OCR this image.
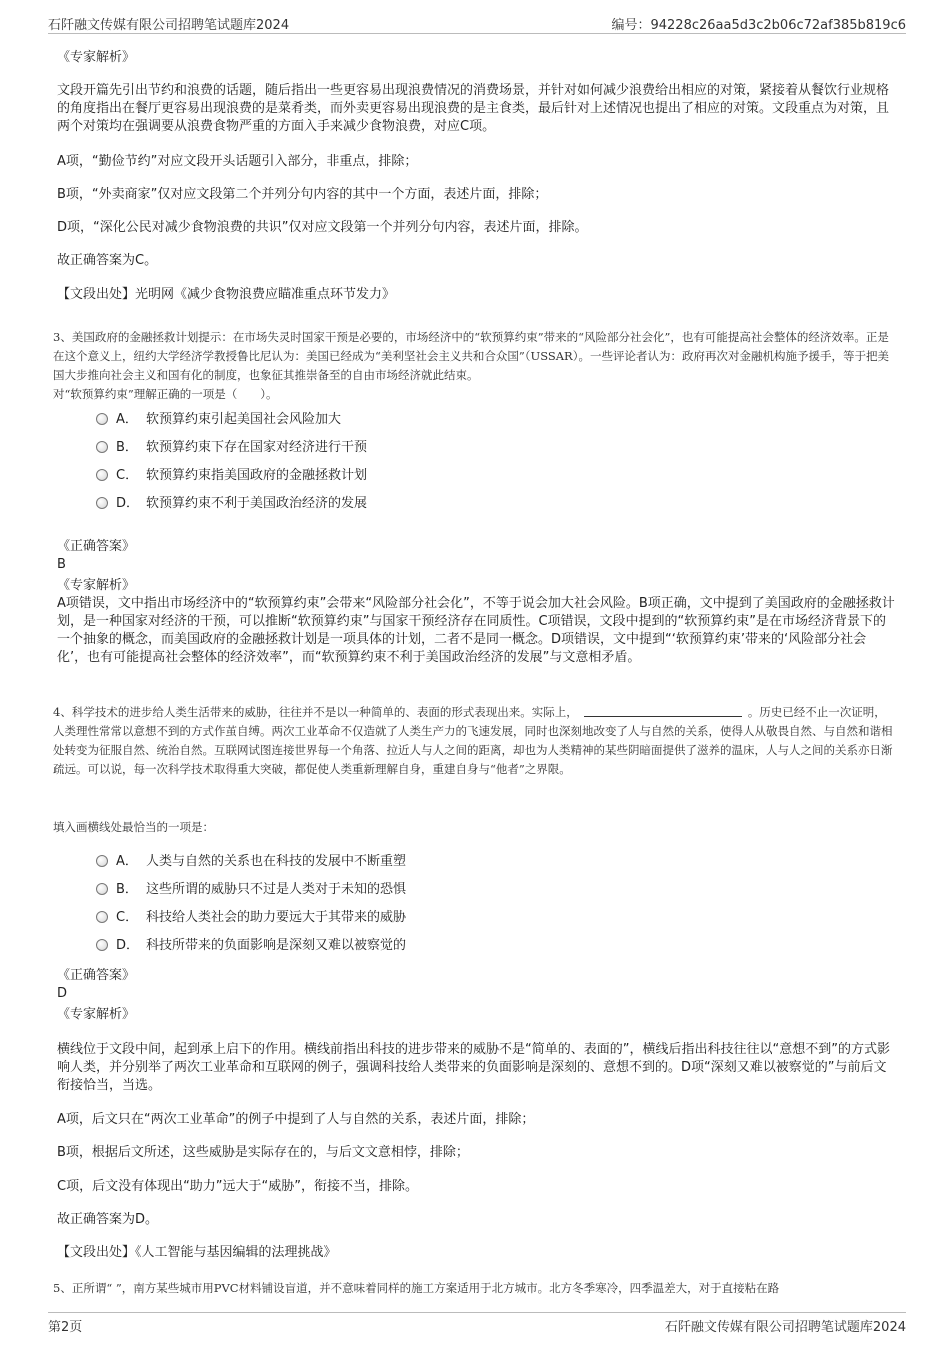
石阡融文传媒有限公司招聘笔试题库2024	编号：94228c26aa5d3c2b06c72af385b819c6
《专家解析》
文段开篇先引出节约和浪费的话题，随后指出一些更容易出现浪费情况的消费场景，并针对如何减少浪费给出相应的对策，紧接着从餐饮行业规格的角度指出在餐厅更容易出现浪费的是菜肴类，而外卖更容易出现浪费的是主食类，最后针对上述情况也提出了相应的对策。文段重点为对策，且两个对策均在强调要从浪费食物严重的方面入手来减少食物浪费，对应C项。
A项，“勤俭节约”对应文段开头话题引入部分，非重点，排除；
B项，“外卖商家”仅对应文段第二个并列分句内容的其中一个方面，表述片面，排除；
D项，“深化公民对减少食物浪费的共识”仅对应文段第一个并列分句内容，表述片面，排除。
故正确答案为C。
【文段出处】光明网《减少食物浪费应瞄准重点环节发力》
3、美国政府的金融拯救计划提示：在市场失灵时国家干预是必要的，市场经济中的“软预算约束”带来的“风险部分社会化”，也有可能提高社会整体的经济效率。正是在这个意义上，纽约大学经济学教授鲁比尼认为：美国已经成为“美利坚社会主义共和合众国”（USSAR）。一些评论者认为：政府再次对金融机构施予援手，等于把美国大步推向社会主义和国有化的制度，也象征其推崇备至的自由市场经济就此结束。
对“软预算约束”理解正确的一项是（　　）。
A． 软预算约束引起美国社会风险加大
B． 软预算约束下存在国家对经济进行干预
C． 软预算约束指美国政府的金融拯救计划
D． 软预算约束不利于美国政治经济的发展
《正确答案》
B
《专家解析》
A项错误，文中指出市场经济中的“软预算约束”会带来“风险部分社会化”，不等于说会加大社会风险。B项正确，文中提到了美国政府的金融拯救计划，是一种国家对经济的干预，可以推断“软预算约束”与国家干预经济存在同质性。C项错误，文段中提到的“软预算约束”是在市场经济背景下的一个抽象的概念，而美国政府的金融拯救计划是一项具体的计划，二者不是同一概念。D项错误，文中提到“‘软预算约束’带来的‘风险部分社会化’，也有可能提高社会整体的经济效率”，而“软预算约束不利于美国政治经济的发展”与文意相矛盾。
4、科学技术的进步给人类生活带来的威胁，往往并不是以一种简单的、表面的形式表现出来。实际上，	。历史已经不止一次证明，人类理性常常以意想不到的方式作茧自缚。两次工业革命不仅造就了人类生产力的飞速发展，同时也深刻地改变了人与自然的关系，使得人从敬畏自然、与自然和谐相处转变为征服自然、统治自然。互联网试图连接世界每一个角落、拉近人与人之间的距离，却也为人类精神的某些阴暗面提供了滋养的温床，人与人之间的关系亦日渐疏远。可以说，每一次科学技术取得重大突破，都促使人类重新理解自身，重建自身与“他者”之界限。
填入画横线处最恰当的一项是：
A． 人类与自然的关系也在科技的发展中不断重塑
B． 这些所谓的威胁只不过是人类对于未知的恐惧
C． 科技给人类社会的助力要远大于其带来的威胁
D． 科技所带来的负面影响是深刻又难以被察觉的
《正确答案》
D
《专家解析》
横线位于文段中间，起到承上启下的作用。横线前指出科技的进步带来的威胁不是“简单的、表面的”，横线后指出科技往往以“意想不到”的方式影响人类，并分别举了两次工业革命和互联网的例子，强调科技给人类带来的负面影响是深刻的、意想不到的。D项“深刻又难以被察觉的”与前后文衔接恰当，当选。
A项，后文只在“两次工业革命”的例子中提到了人与自然的关系，表述片面，排除；
B项，根据后文所述，这些威胁是实际存在的，与后文文意相悖，排除；
C项，后文没有体现出“助力”远大于“威胁”，衔接不当，排除。
故正确答案为D。
【文段出处】《人工智能与基因编辑的法理挑战》
5、正所谓“ ”，南方某些城市用PVC材料铺设盲道，并不意味着同样的施工方案适用于北方城市。北方冬季寒冷，四季温差大，对于直接粘在路
第2页	石阡融文传媒有限公司招聘笔试题库2024
